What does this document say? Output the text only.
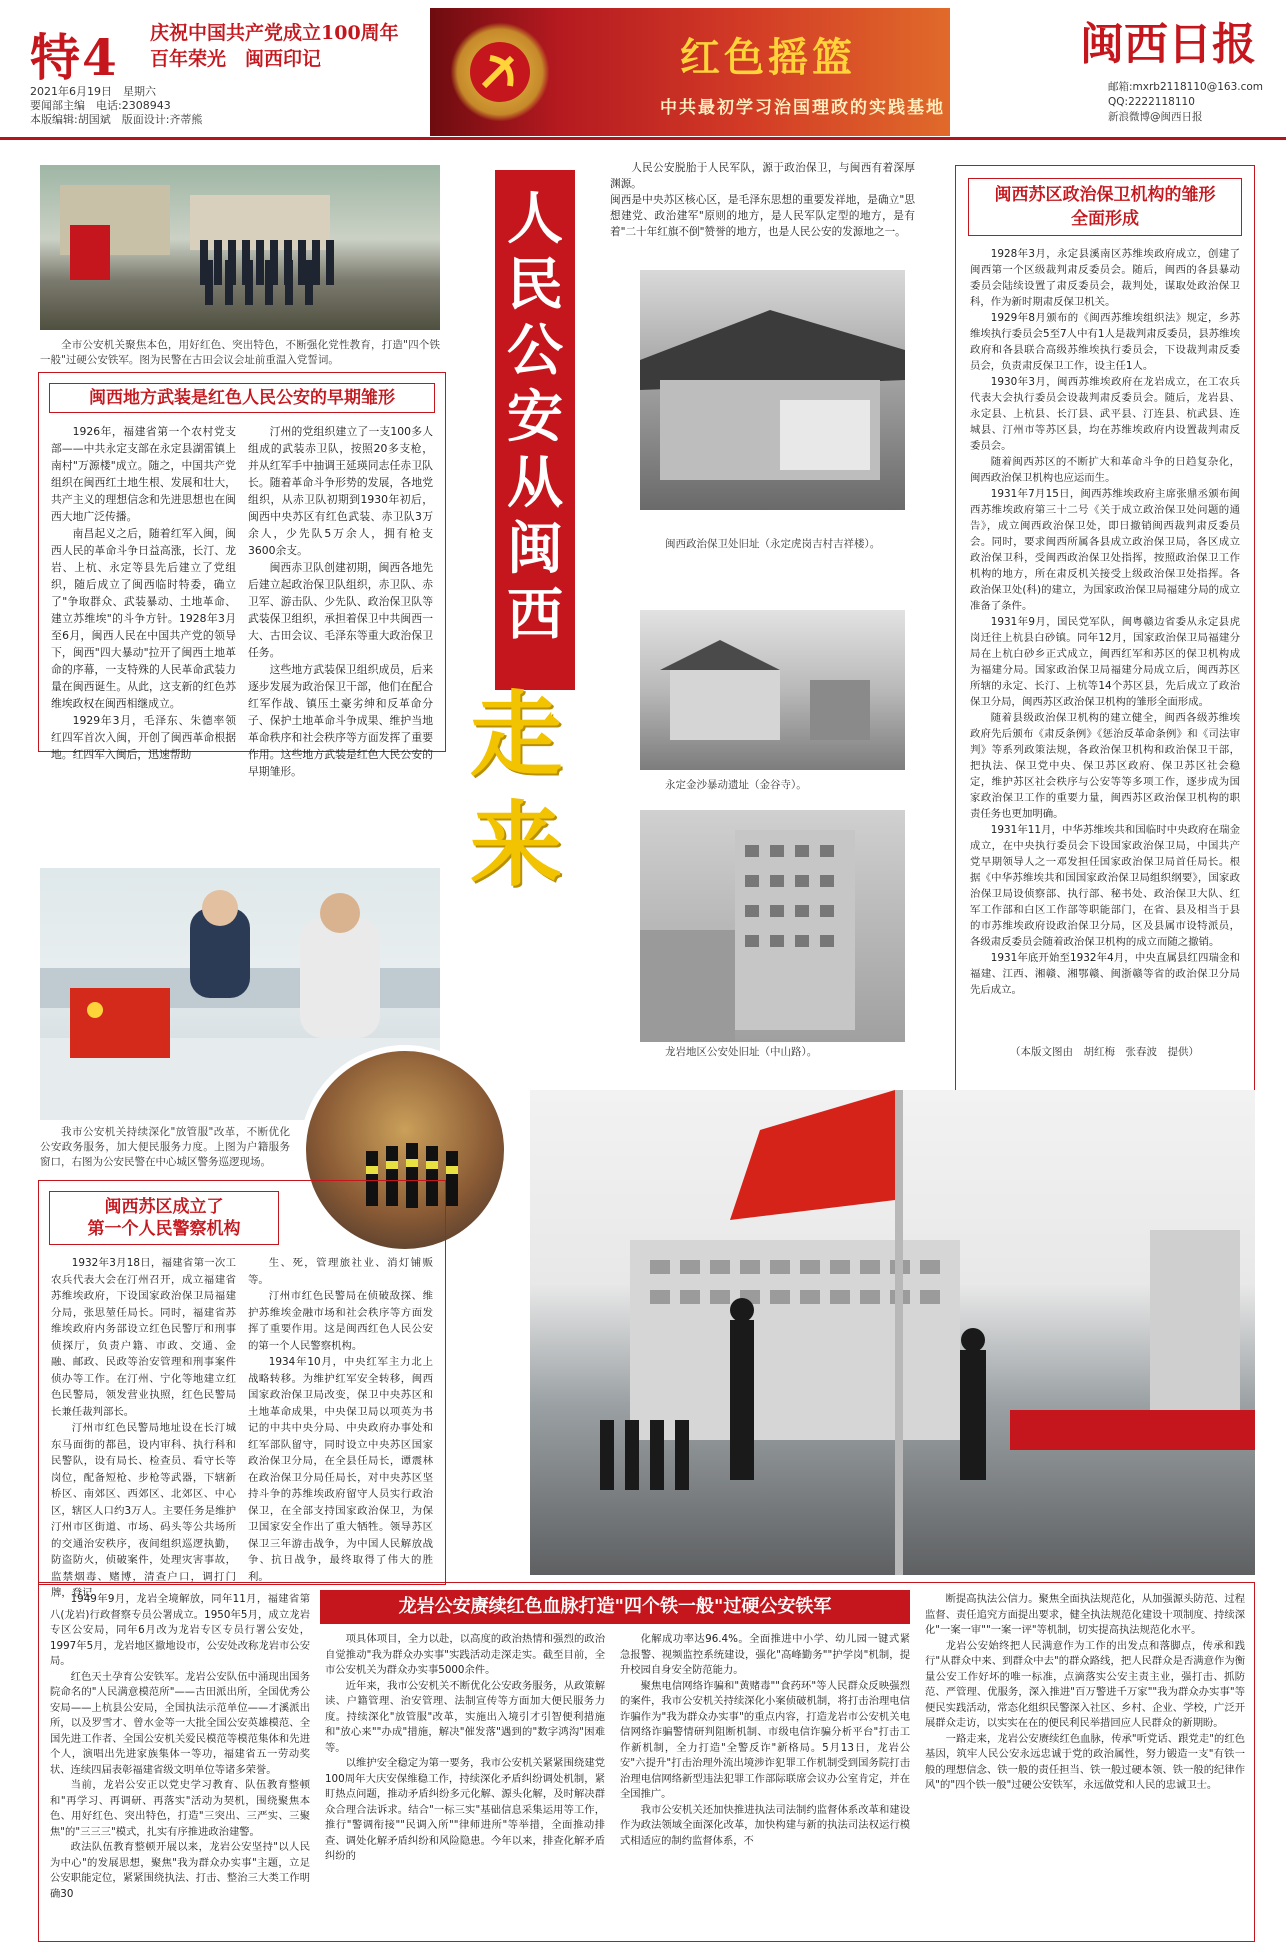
特4 庆祝中国共产党成立100周年
百年荣光　闽西印记
2021年6月19日　星期六
要闻部主编　电话:2308943
本版编辑:胡国斌　版面设计:齐蒂熊
红色摇篮
中共最初学习治国理政的实践基地
闽西日报
邮箱:mxrb2118110@163.com
QQ:2222118110
新浪微博@闽西日报
全市公安机关聚焦本色，用好红色、突出特色，不断强化党性教育，打造"四个铁一般"过硬公安铁军。图为民警在古田会议会址前重温入党誓词。
闽西地方武装是红色人民公安的早期雏形

1926年，福建省第一个农村党支部——中共永定支部在永定县湖雷镇上南村"万源楼"成立。随之，中国共产党组织在闽西红土地生根、发展和壮大，共产主义的理想信念和先进思想也在闽西大地广泛传播。

南昌起义之后，随着红军入闽，闽西人民的革命斗争日益高涨，长汀、龙岩、上杭、永定等县先后建立了党组织，随后成立了闽西临时特委，确立了"争取群众、武装暴动、土地革命、建立苏维埃"的斗争方针。1928年3月至6月，闽西人民在中国共产党的领导下，闽西"四大暴动"拉开了闽西土地革命的序幕，一支特殊的人民革命武装力量在闽西诞生。从此，这支新的红色苏维埃政权在闽西相继成立。

1929年3月，毛泽东、朱德率领红四军首次入闽，开创了闽西革命根据地。红四军入闽后，迅速帮助

汀州的党组织建立了一支100多人组成的武装赤卫队，按照20多支枪，并从红军手中抽调王延瑛同志任赤卫队长。随着革命斗争形势的发展，各地党组织，从赤卫队初期到1930年初后，闽西中央苏区有红色武装、赤卫队3万余人，少先队5万余人，拥有枪支3600余支。

闽西赤卫队创建初期，闽西各地先后建立起政治保卫队组织，赤卫队、赤卫军、游击队、少先队、政治保卫队等武装保卫组织，承担着保卫中共闽西一大、古田会议、毛泽东等重大政治保卫任务。

这些地方武装保卫组织成员，后来逐步发展为政治保卫干部，他们在配合红军作战、镇压土豪劣绅和反革命分子、保护土地革命斗争成果、维护当地革命秩序和社会秩序等方面发挥了重要作用。这些地方武装是红色人民公安的早期雏形。

我市公安机关持续深化"放管服"改革，不断优化公安政务服务，加大便民服务力度。上图为户籍服务窗口，右图为公安民警在中心城区警务巡逻现场。
闽西苏区成立了
第一个人民警察机构

1932年3月18日，福建省第一次工农兵代表大会在汀州召开，成立福建省苏维埃政府，下设国家政治保卫局福建分局，张思堃任局长。同时，福建省苏维埃政府内务部设立红色民警厅和刑事侦探厅，负责户籍、市政、交通、金融、邮政、民政等治安管理和刑事案件侦办等工作。在汀州、宁化等地建立红色民警局，领发营业执照，红色民警局长兼任裁判部长。

汀州市红色民警局地址设在长汀城东马面街的都邑，设内审科、执行科和民警队，设有局长、检查员、看守长等岗位，配备短枪、步枪等武器，下辖新桥区、南郊区、西郊区、北郊区、中心区，辖区人口约3万人。主要任务是维护汀州市区街道、市场、码头等公共场所的交通治安秩序，夜间组织巡逻执勤，防盗防火，侦破案件，处理灾害事故，监禁烟毒、赌博，清查户口，调打门牌，登记

生、死，管理旅社业、消灯铺贩等。

汀州市红色民警局在侦破敌探、维护苏维埃金融市场和社会秩序等方面发挥了重要作用。这是闽西红色人民公安的第一个人民警察机构。

1934年10月，中央红军主力北上战略转移。为维护红军安全转移，闽西国家政治保卫局改变，保卫中央苏区和土地革命成果，中央保卫局以项英为书记的中共中央分局、中央政府办事处和红军部队留守，同时设立中央苏区国家政治保卫分局，在全县任局长，谭震林在政治保卫分局任局长，对中央苏区坚持斗争的苏维埃政府留守人员实行政治保卫，在全部支持国家政治保卫，为保卫国家安全作出了重大牺牲。领导苏区保卫三年游击战争，为中国人民解放战争、抗日战争，最终取得了伟大的胜利。

人
民
公
安
从
闽
西
走
来
人民公安脱胎于人民军队，源于政治保卫，与闽西有着深厚渊源。
闽西是中央苏区核心区，是毛泽东思想的重要发祥地，是确立"思想建党、政治建军"原则的地方，是人民军队定型的地方，是有着"二十年红旗不倒"赞誉的地方，也是人民公安的发源地之一。
闽西政治保卫处旧址（永定虎岗吉村吉祥楼）。
永定金沙暴动遗址（金谷寺）。
龙岩地区公安处旧址（中山路）。
闽西苏区政治保卫机构的雏形
全面形成

1928年3月，永定县溪南区苏维埃政府成立，创建了闽西第一个区级裁判肃反委员会。随后，闽西的各县暴动委员会陆续设置了肃反委员会，裁判处，谋取处政治保卫科，作为新时期肃反保卫机关。

1929年8月颁布的《闽西苏维埃组织法》规定，乡苏维埃执行委员会5至7人中有1人是裁判肃反委员，县苏维埃政府和各县联合高级苏维埃执行委员会，下设裁判肃反委员会，负责肃反保卫工作，设主任1人。

1930年3月，闽西苏维埃政府在龙岩成立，在工农兵代表大会执行委员会设裁判肃反委员会。随后，龙岩县、永定县、上杭县、长汀县、武平县、汀连县、杭武县、连城县、汀州市等苏区县，均在苏维埃政府内设置裁判肃反委员会。

随着闽西苏区的不断扩大和革命斗争的日趋复杂化，闽西政治保卫机构也应运而生。

1931年7月15日，闽西苏维埃政府主席张鼎丞颁布闽西苏维埃政府第三十二号《关于成立政治保卫处问题的通告》，成立闽西政治保卫处，即日撤销闽西裁判肃反委员会。同时，要求闽西所属各县成立政治保卫局，各区成立政治保卫科，受闽西政治保卫处指挥，按照政治保卫工作机构的地方，所在肃反机关接受上级政治保卫处指挥。各政治保卫处(科)的建立，为国家政治保卫局福建分局的成立准备了条件。

1931年9月，国民党军队，闽粤赣边省委从永定县虎岗迁往上杭县白砂镇。同年12月，国家政治保卫局福建分局在上杭白砂乡正式成立，闽西红军和苏区的保卫机构成为福建分局。国家政治保卫局福建分局成立后，闽西苏区所辖的永定、长汀、上杭等14个苏区县，先后成立了政治保卫分局，闽西苏区政治保卫机构的雏形全面形成。

随着县级政治保卫机构的建立健全，闽西各级苏维埃政府先后颁布《肃反条例》《惩治反革命条例》和《司法审判》等系列政策法规，各政治保卫机构和政治保卫干部，把执法、保卫党中央、保卫苏区政府、保卫苏区社会稳定，维护苏区社会秩序与公安等等多项工作，逐步成为国家政治保卫工作的重要力量，闽西苏区政治保卫机构的职责任务也更加明确。

1931年11月，中华苏维埃共和国临时中央政府在瑞金成立，在中央执行委员会下设国家政治保卫局，中国共产党早期领导人之一邓发担任国家政治保卫局首任局长。根据《中华苏维埃共和国国家政治保卫局组织纲要》，国家政治保卫局设侦察部、执行部、秘书处、政治保卫大队、红军工作部和白区工作部等职能部门，在省、县及相当于县的市苏维埃政府设政治保卫分局，区及县属市设特派员，各级肃反委员会随着政治保卫机构的成立而随之撤销。

1931年底开始至1932年4月，中央直属县红四瑞金和福建、江西、湘赣、湘鄂赣、闽浙赣等省的政治保卫分局先后成立。

（本版文图由　胡红梅　张春波　提供）
龙岩公安赓续红色血脉打造"四个铁一般"过硬公安铁军

1949年9月，龙岩全境解放，同年11月，福建省第八(龙岩)行政督察专员公署成立。1950年5月，成立龙岩专区公安局，同年6月改为龙岩专区专员行署公安处，1997年5月，龙岩地区撤地设市，公安处改称龙岩市公安局。

红色天土孕育公安铁军。龙岩公安队伍中涌现出国务院命名的"人民满意模范所"——古田派出所，全国优秀公安局——上杭县公安局，全国执法示范单位——才溪派出所，以及罗雪才、曾水金等一大批全国公安英雄模范、全国先进工作者、全国公安机关爱民模范等模范集体和先进个人，演唱出先进家族集体一等功，福建省五一劳动奖状、连续四届表彰福建省级文明单位等诸多荣誉。

当前，龙岩公安正以党史学习教育、队伍教育整顿和"再学习、再调研、再落实"活动为契机，围绕聚焦本色、用好红色、突出特色，打造"三突出、三严实、三聚焦"的"三三三"模式，扎实有序推进政治建警。

政法队伍教育整顿开展以来，龙岩公安坚持"以人民为中心"的发展思想，聚焦"我为群众办实事"主题，立足公安职能定位，紧紧围绕执法、打击、整治三大类工作明确30

项具体项目，全力以赴，以高度的政治热情和强烈的政治自觉推动"我为群众办实事"实践活动走深走实。截至目前，全市公安机关为群众办实事5000余件。

近年来，我市公安机关不断优化公安政务服务，从政策解读、户籍管理、治安管理、法制宣传等方面加大便民服务力度。持续深化"放管服"改革，实施出入境引才引智便利措施和"放心来""办成"措施，解决"催发落"遇到的"数字鸿沟"困难等。

以维护安全稳定为第一要务，我市公安机关紧紧围绕建党100周年大庆安保维稳工作，持续深化矛盾纠纷调处机制，紧盯热点问题，推动矛盾纠纷多元化解、源头化解，及时解决群众合理合法诉求。结合"一标三实"基础信息采集运用等工作，推行"警调衔接""民调入所""律师进所"等举措，全面推动排查、调处化解矛盾纠纷和风险隐患。今年以来，排查化解矛盾纠纷的

化解成功率达96.4%。全面推进中小学、幼儿园一键式紧急报警、视频监控系统建设，强化"高峰勤务""护学岗"机制，提升校园自身安全防范能力。

聚焦电信网络诈骗和"黄赌毒""食药环"等人民群众反映强烈的案件，我市公安机关持续深化小案侦破机制，将打击治理电信诈骗作为"我为群众办实事"的重点内容，打造龙岩市公安机关电信网络诈骗警情研判阻断机制、市级电信诈骗分析平台"打击工作新机制，全力打造"全警反诈"新格局。5月13日，龙岩公安"六提升"打击治理外流出境涉诈犯罪工作机制受到国务院打击治理电信网络新型违法犯罪工作部际联席会议办公室肯定，并在全国推广。

我市公安机关还加快推进执法司法制约监督体系改革和建设作为政法领域全面深化改革，加快构建与新的执法司法权运行模式相适应的制约监督体系，不

断提高执法公信力。聚焦全面执法规范化，从加强源头防范、过程监督、责任追究方面提出要求，健全执法规范化建设十项制度、持续深化"一案一审""一案一评"等机制，切实提高执法规范化水平。

龙岩公安始终把人民满意作为工作的出发点和落脚点，传承和践行"从群众中来、到群众中去"的群众路线，把人民群众是否满意作为衡量公安工作好坏的唯一标准，点滴落实公安主责主业，强打击、抓防范、严管理、优服务，深入推进"百万警进千万家""我为群众办实事"等便民实践活动，常态化组织民警深入社区、乡村、企业、学校，广泛开展群众走访，以实实在在的便民利民举措回应人民群众的新期盼。

一路走来，龙岩公安赓续红色血脉，传承"听党话、跟党走"的红色基因，筑牢人民公安永远忠诚于党的政治属性，努力锻造一支"有铁一般的理想信念、铁一般的责任担当、铁一般过硬本领、铁一般的纪律作风"的"四个铁一般"过硬公安铁军，永远做党和人民的忠诚卫士。
